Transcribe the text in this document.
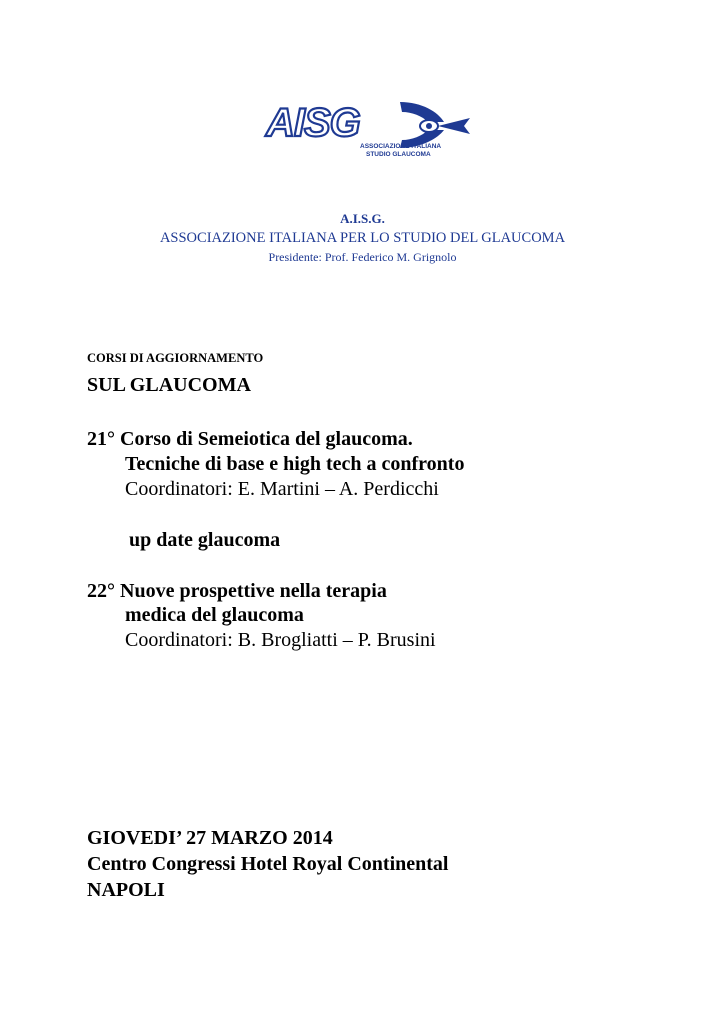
AISG
ASSOCIAZIONE ITALIANA
STUDIO GLAUCOMA
A.I.S.G.
ASSOCIAZIONE ITALIANA PER LO STUDIO DEL GLAUCOMA
Presidente: Prof. Federico M. Grignolo
CORSI DI AGGIORNAMENTO
SUL GLAUCOMA
21° Corso di Semeiotica del glaucoma.
Tecniche di base e high tech a confronto
Coordinatori: E. Martini – A. Perdicchi
up date glaucoma
22° Nuove prospettive nella terapia
medica del glaucoma
Coordinatori: B. Brogliatti – P. Brusini
GIOVEDI’ 27 MARZO 2014
Centro Congressi Hotel Royal Continental
NAPOLI
